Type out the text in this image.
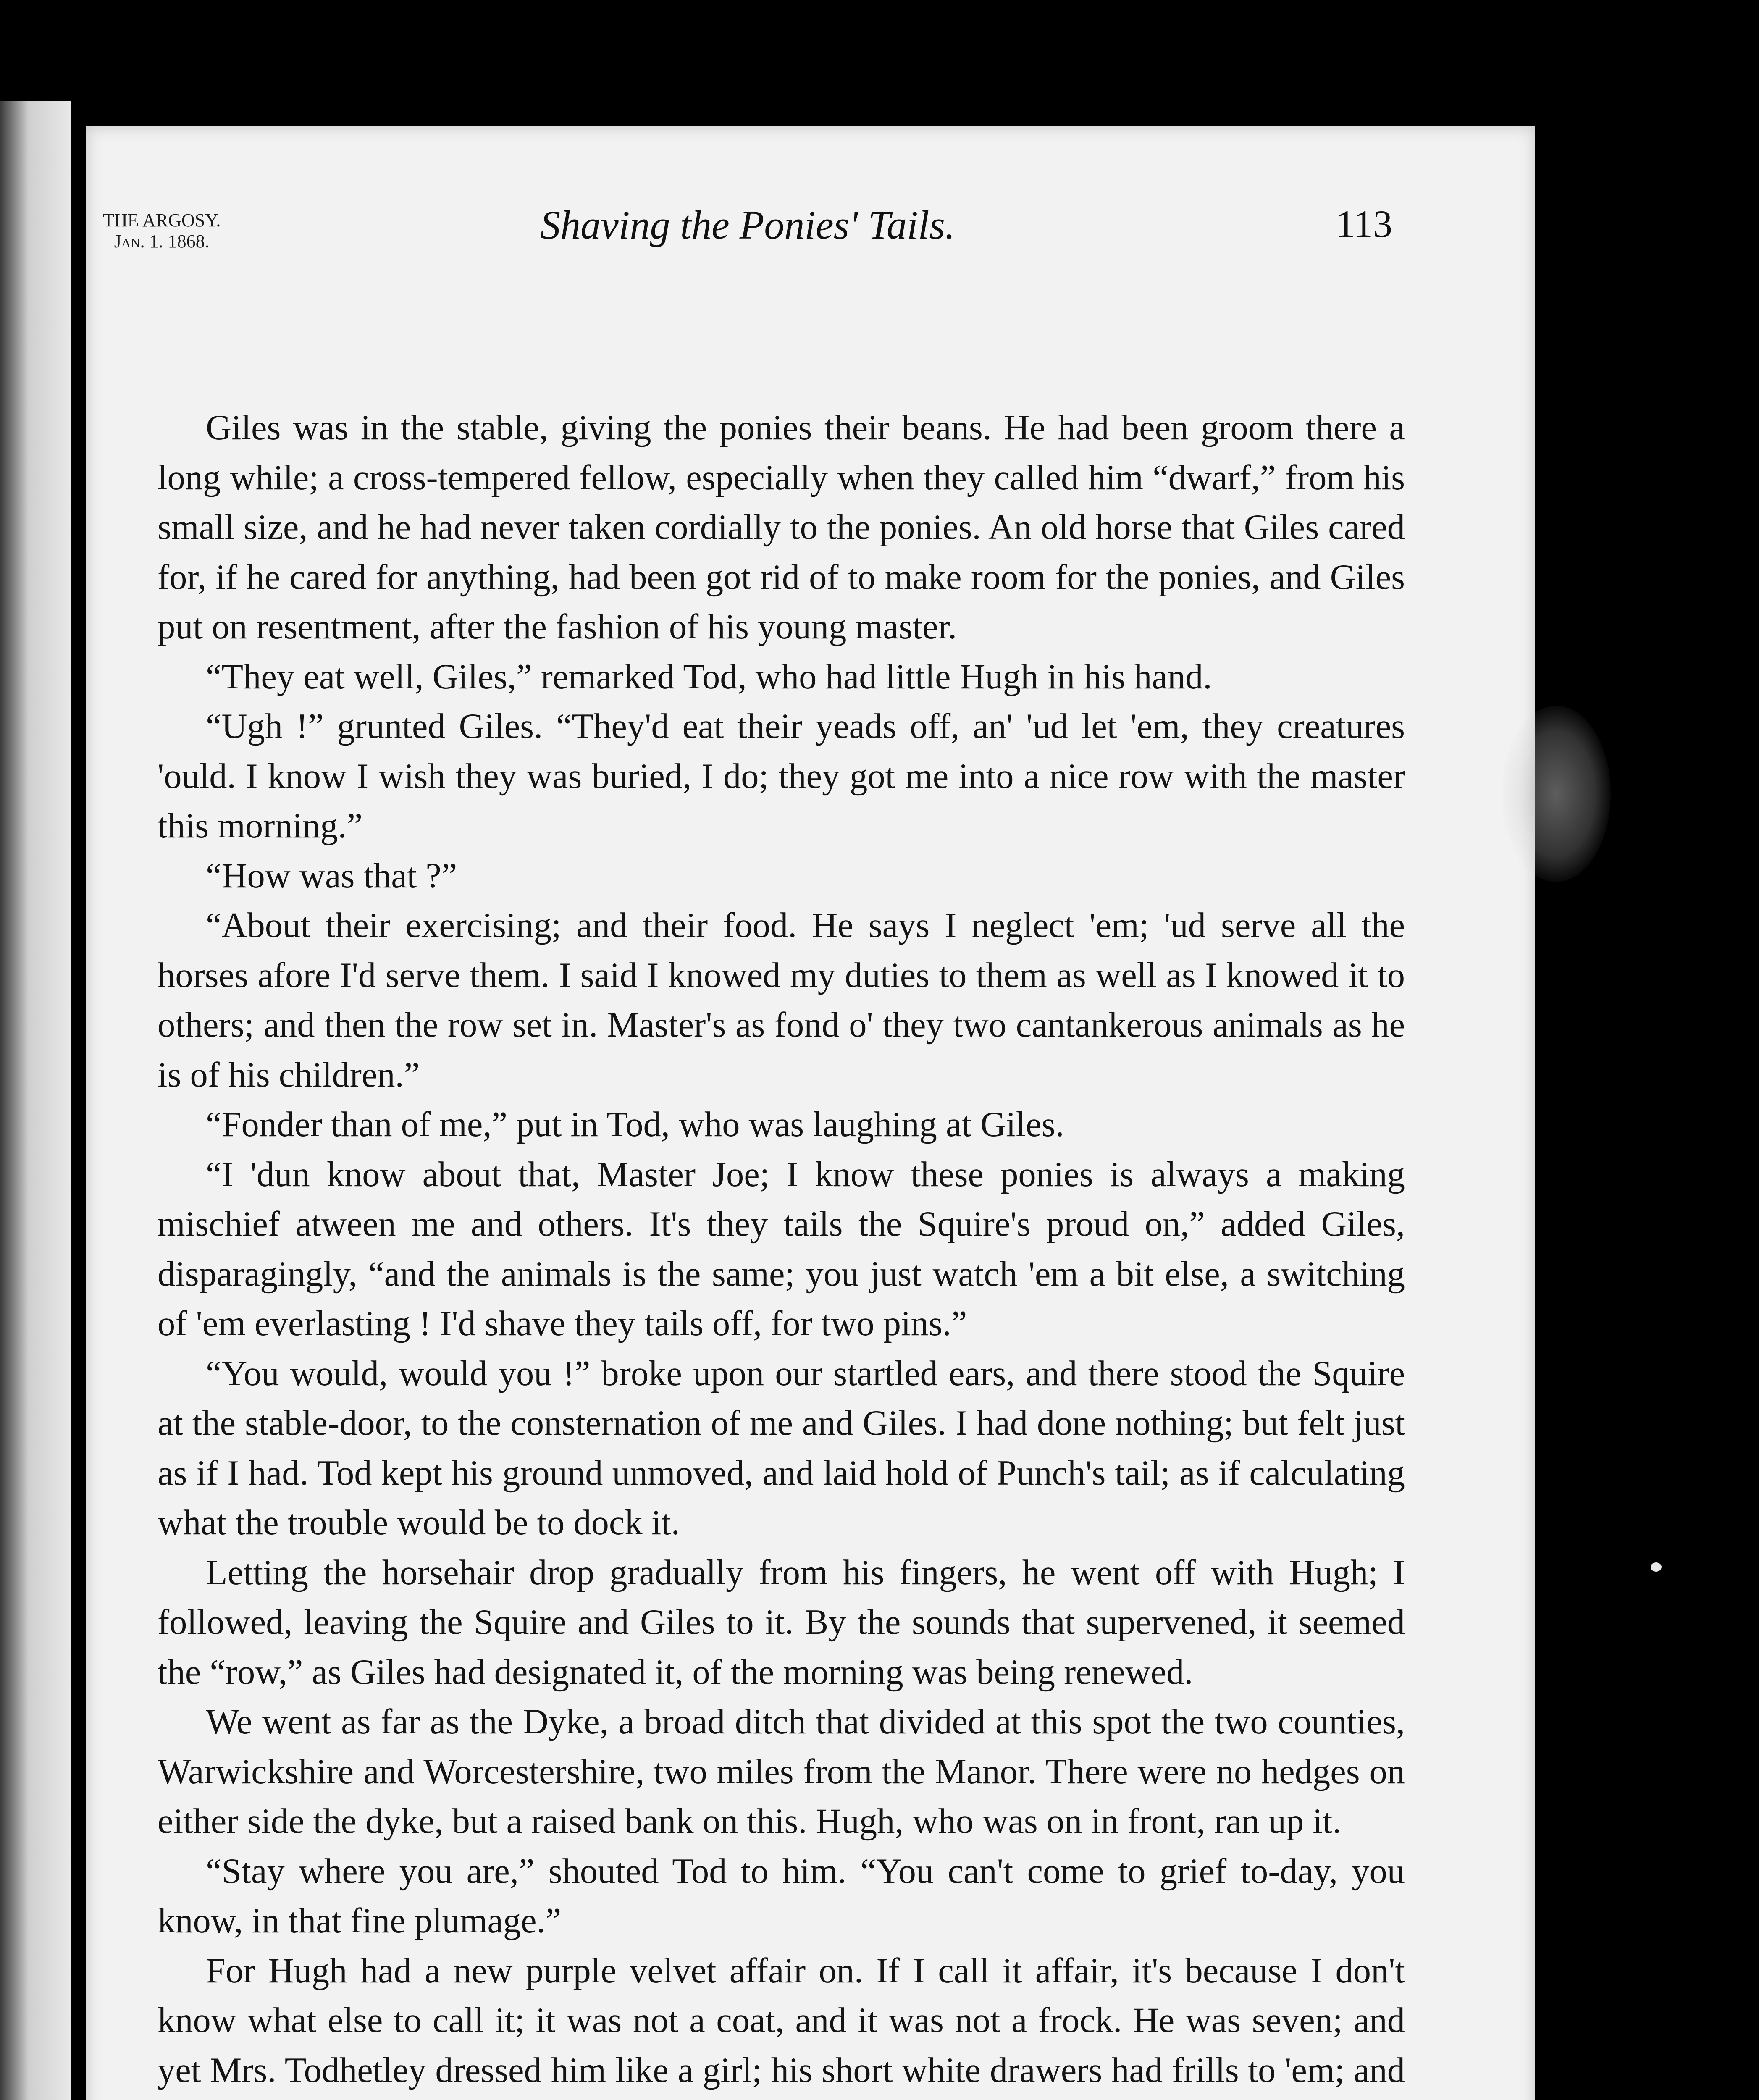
THE ARGOSY.
Jan. 1. 1868.	Shaving the Ponies' Tails.	113

Giles was in the stable, giving the ponies their beans. He had been groom there a long while; a cross-tempered fellow, especially when they called him “dwarf,” from his small size, and he had never taken cordially to the ponies. An old horse that Giles cared for, if he cared for anything, had been got rid of to make room for the ponies, and Giles put on resentment, after the fashion of his young master.

“They eat well, Giles,” remarked Tod, who had little Hugh in his hand.

“Ugh !” grunted Giles. “They'd eat their yeads off, an' 'ud let 'em, they creatures 'ould. I know I wish they was buried, I do; they got me into a nice row with the master this morning.”

“How was that ?”

“About their exercising; and their food. He says I neglect 'em; 'ud serve all the horses afore I'd serve them. I said I knowed my duties to them as well as I knowed it to others; and then the row set in. Master's as fond o' they two cantankerous animals as he is of his children.”

“Fonder than of me,” put in Tod, who was laughing at Giles.

“I 'dun know about that, Master Joe; I know these ponies is always a making mischief atween me and others. It's they tails the Squire's proud on,” added Giles, disparagingly, “and the animals is the same; you just watch 'em a bit else, a switching of 'em everlasting ! I'd shave they tails off, for two pins.”

“You would, would you !” broke upon our startled ears, and there stood the Squire at the stable-door, to the consternation of me and Giles. I had done nothing; but felt just as if I had. Tod kept his ground unmoved, and laid hold of Punch's tail; as if calculating what the trouble would be to dock it.

Letting the horsehair drop gradually from his fingers, he went off with Hugh; I followed, leaving the Squire and Giles to it. By the sounds that supervened, it seemed the “row,” as Giles had designated it, of the morning was being renewed.

We went as far as the Dyke, a broad ditch that divided at this spot the two counties, Warwickshire and Worcestershire, two miles from the Manor. There were no hedges on either side the dyke, but a raised bank on this. Hugh, who was on in front, ran up it.

“Stay where you are,” shouted Tod to him. “You can't come to grief to-day, you know, in that fine plumage.”

For Hugh had a new purple velvet affair on. If I call it affair, it's because I don't know what else to call it; it was not a coat, and it was not a frock. He was seven; and yet Mrs. Todhetley dressed him like a girl; his short white drawers had frills to 'em; and
